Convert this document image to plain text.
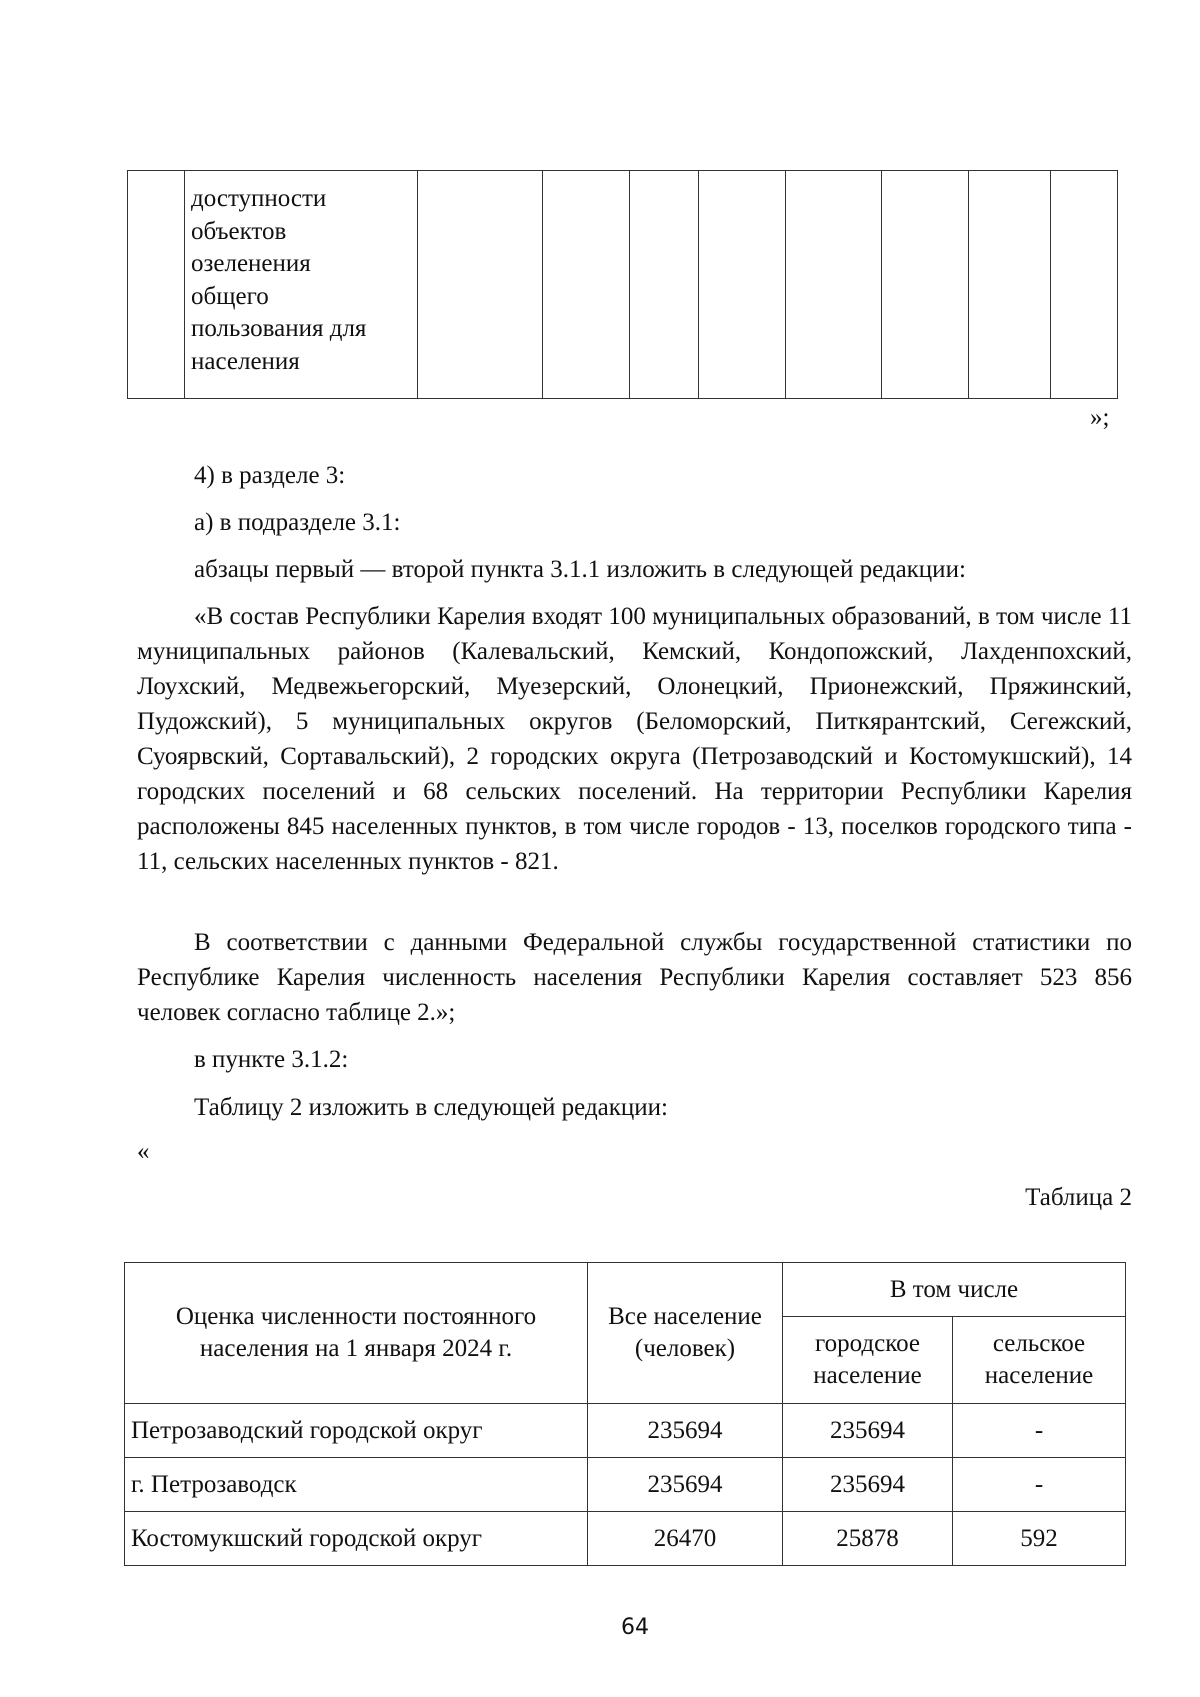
	доступности
объектов
озеленения
общего
пользования для
населения								
»;
4) в разделе 3:
а) в подразделе 3.1:
абзацы первый — второй пункта 3.1.1 изложить в следующей редакции:
«В состав Республики Карелия входят 100 муниципальных образований, в том числе 11 муниципальных районов (Калевальский, Кемский, Кондопожский, Лахденпохский, Лоухский, Медвежьегорский, Муезерский, Олонецкий, Прионежский, Пряжинский, Пудожский), 5 муниципальных округов (Беломорский, Питкярантский, Сегежский, Суоярвский, Сортавальский), 2 городских округа (Петрозаводский и Костомукшский), 14 городских поселений и 68 сельских поселений. На территории Республики Карелия расположены 845 населенных пунктов, в том числе городов - 13, поселков городского типа - 11, сельских населенных пунктов - 821.
В соответствии с данными Федеральной службы государственной статистики по Республике Карелия численность населения Республики Карелия составляет 523 856 человек согласно таблице 2.»;
в пункте 3.1.2:
Таблицу 2 изложить в следующей редакции:
«
Таблица 2
Оценка численности постоянного населения на 1 января 2024 г.	Все население (человек)	В том числе	
		городское население	сельское население
Петрозаводский городской округ	235694	235694	-
г. Петрозаводск	235694	235694	-
Костомукшский городской округ	26470	25878	592
64
